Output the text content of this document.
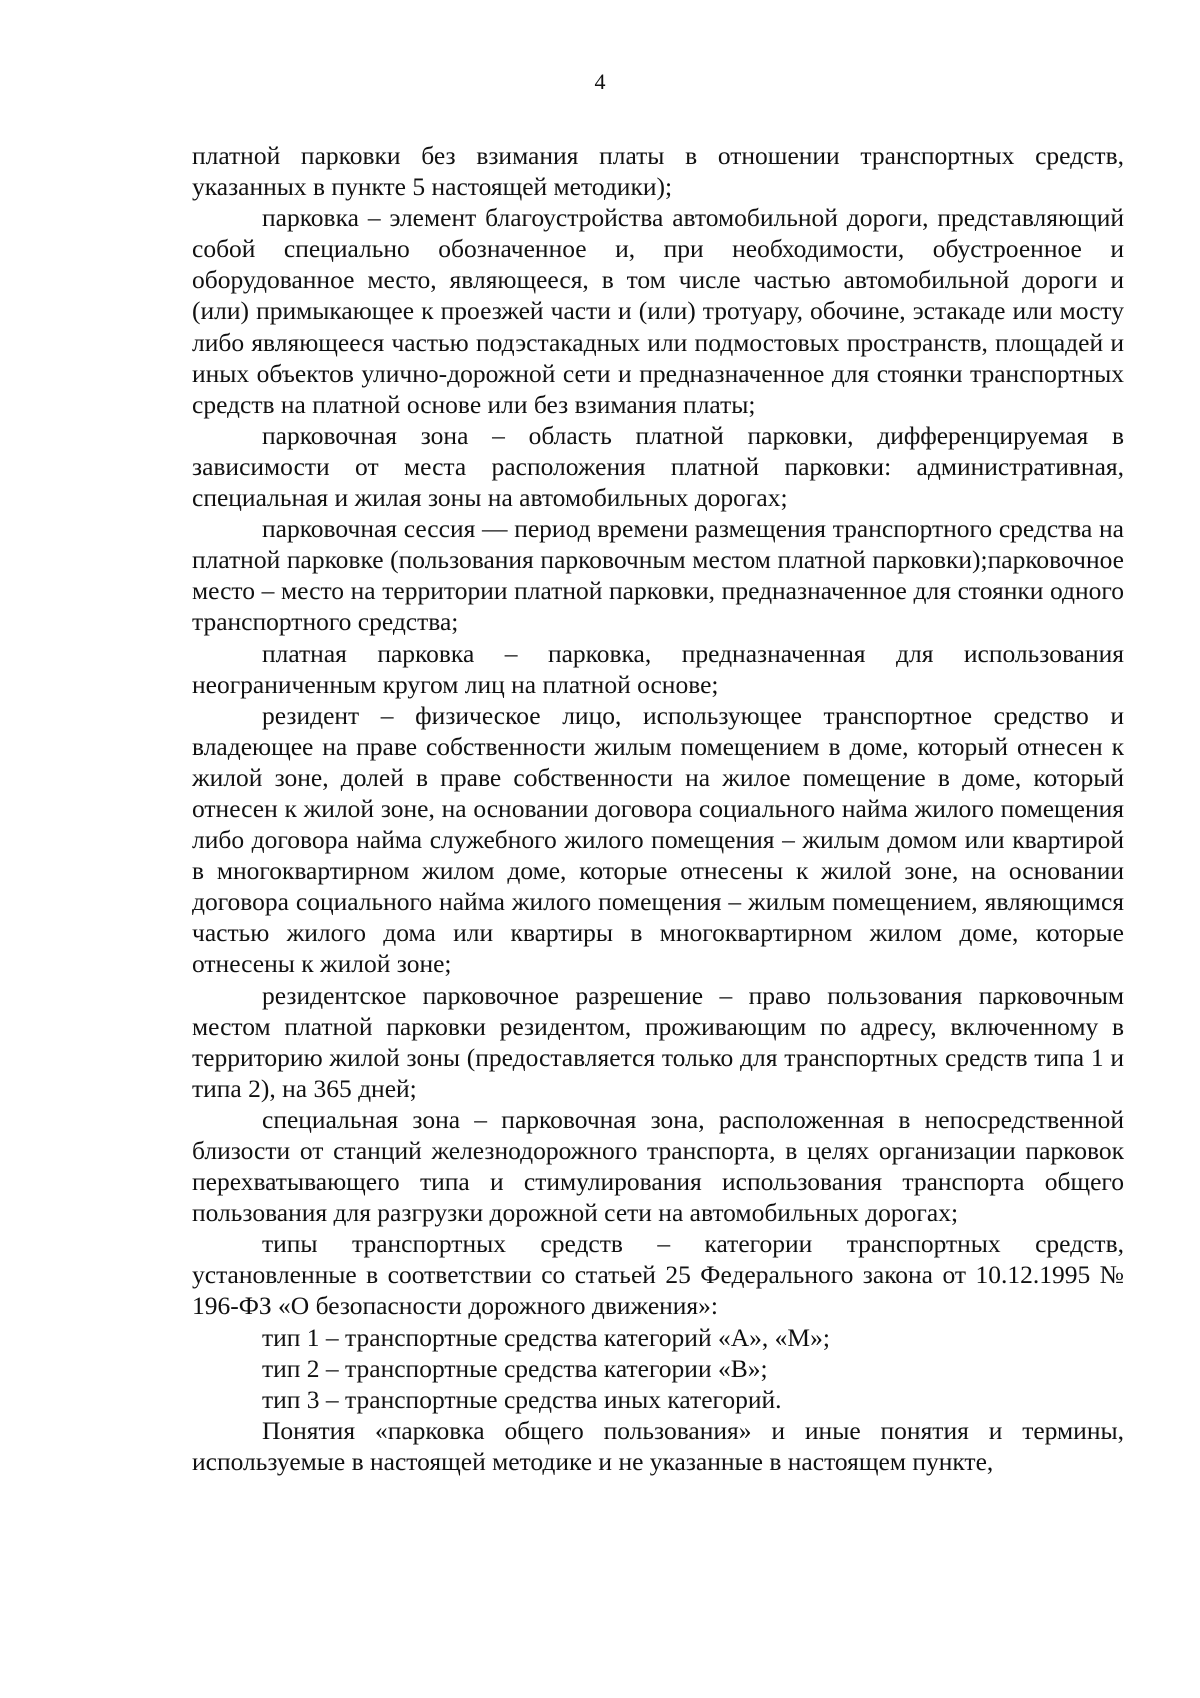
4

платной парковки без взимания платы в отношении транспортных средств, указанных в пункте 5 настоящей методики);

парковка – элемент благоустройства автомобильной дороги, представляющий собой специально обозначенное и, при необходимости, обустроенное и оборудованное место, являющееся, в том числе частью автомобильной дороги и (или) примыкающее к проезжей части и (или) тротуару, обочине, эстакаде или мосту либо являющееся частью подэстакадных или подмостовых пространств, площадей и иных объектов улично-дорожной сети и предназначенное для стоянки транспортных средств на платной основе или без взимания платы;

парковочная зона – область платной парковки, дифференцируемая в зависимости от места расположения платной парковки: административная, специальная и жилая зоны на автомобильных дорогах;

парковочная сессия — период времени размещения транспортного средства на платной парковке (пользования парковочным местом платной парковки);парковочное место – место на территории платной парковки, предназначенное для стоянки одного транспортного средства;

платная парковка – парковка, предназначенная для использования неограниченным кругом лиц на платной основе;

резидент – физическое лицо, использующее транспортное средство и владеющее на праве собственности жилым помещением в доме, который отнесен к жилой зоне, долей в праве собственности на жилое помещение в доме, который отнесен к жилой зоне, на основании договора социального найма жилого помещения либо договора найма служебного жилого помещения – жилым домом или квартирой в многоквартирном жилом доме, которые отнесены к жилой зоне, на основании договора социального найма жилого помещения – жилым помещением, являющимся частью жилого дома или квартиры в многоквартирном жилом доме, которые отнесены к жилой зоне;

резидентское парковочное разрешение – право пользования парковочным местом платной парковки резидентом, проживающим по адресу, включенному в территорию жилой зоны (предоставляется только для транспортных средств типа 1 и типа 2), на 365 дней;

специальная зона – парковочная зона, расположенная в непосредственной близости от станций железнодорожного транспорта, в целях организации парковок перехватывающего типа и стимулирования использования транспорта общего пользования для разгрузки дорожной сети на автомобильных дорогах;

типы транспортных средств – категории транспортных средств, установленные в соответствии со статьей 25 Федерального закона от 10.12.1995 № 196-ФЗ «О безопасности дорожного движения»:

тип 1 – транспортные средства категорий «А», «М»;

тип 2 – транспортные средства категории «В»;

тип 3 – транспортные средства иных категорий.

Понятия «парковка общего пользования» и иные понятия и термины, используемые в настоящей методике и не указанные в настоящем пункте,
